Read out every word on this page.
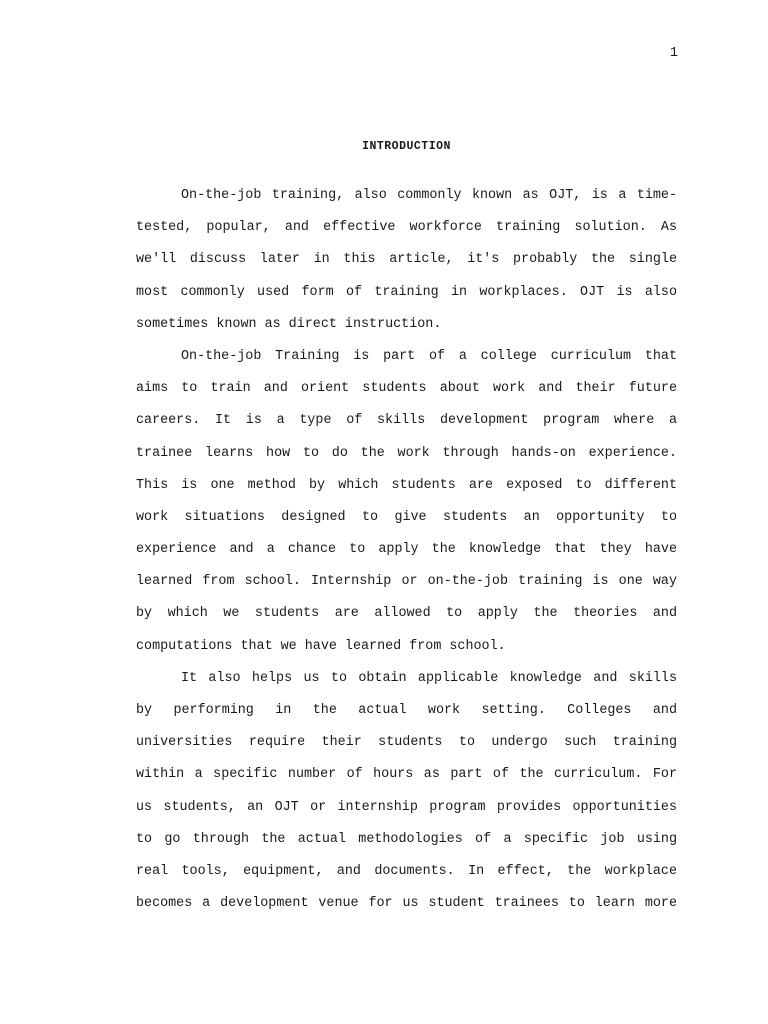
1
INTRODUCTION
On-the-job training, also commonly known as OJT, is a time-
tested, popular, and effective workforce training solution. As
we'll discuss later in this article, it's probably the single
most commonly used form of training in workplaces. OJT is also
sometimes known as direct instruction.
On-the-job Training is part of a college curriculum that
aims to train and orient students about work and their future
careers. It is a type of skills development program where a
trainee learns how to do the work through hands-on experience.
This is one method by which students are exposed to different
work situations designed to give students an opportunity to
experience and a chance to apply the knowledge that they have
learned from school. Internship or on-the-job training is one way
by which we students are allowed to apply the theories and
computations that we have learned from school.
It also helps us to obtain applicable knowledge and skills
by performing in the actual work setting. Colleges and
universities require their students to undergo such training
within a specific number of hours as part of the curriculum. For
us students, an OJT or internship program provides opportunities
to go through the actual methodologies of a specific job using
real tools, equipment, and documents. In effect, the workplace
becomes a development venue for us student trainees to learn more
